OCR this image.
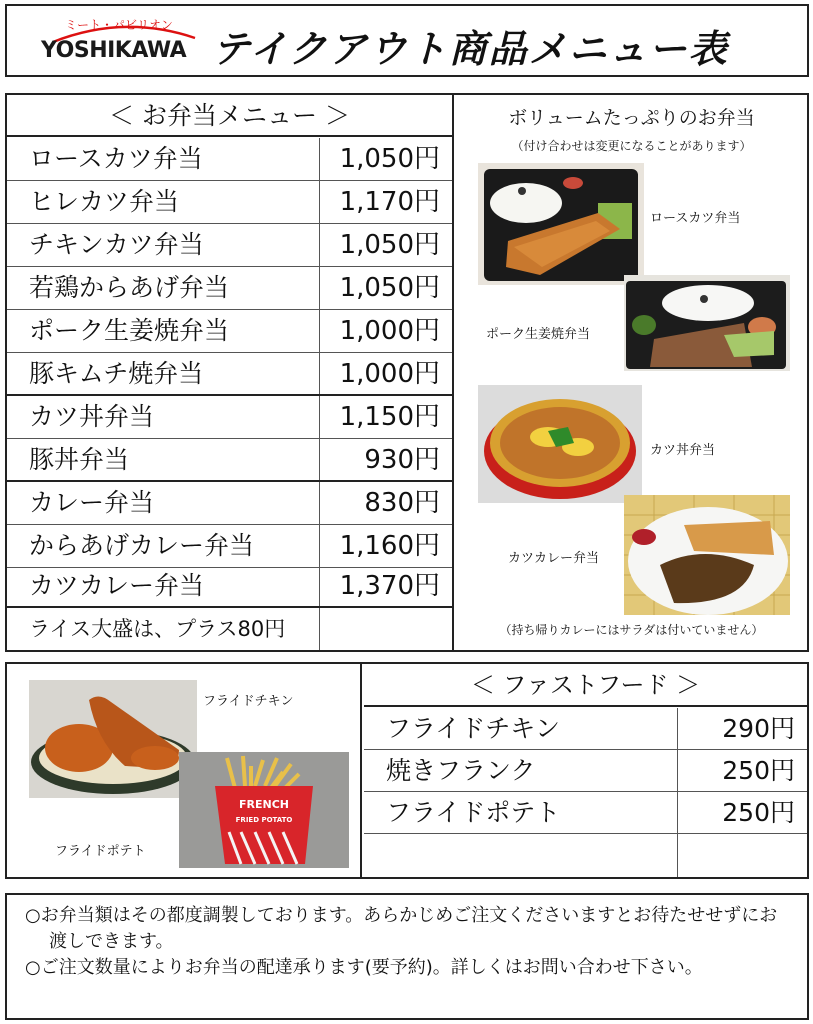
ミート・パビリオン
YOSHIKAWA テイクアウト商品メニュー表
＜ お弁当メニュー ＞
ロースカツ弁当	1,050円
ヒレカツ弁当	1,170円
チキンカツ弁当	1,050円
若鶏からあげ弁当	1,050円
ポーク生姜焼弁当	1,000円
豚キムチ焼弁当	1,000円
カツ丼弁当	1,150円
豚丼弁当	930円
カレー弁当	830円
からあげカレー弁当	1,160円
カツカレー弁当	1,370円
ライス大盛は、プラス80円
ボリュームたっぷりのお弁当
（付け合わせは変更になることがあります）
ロースカツ弁当
ポーク生姜焼弁当
カツ丼弁当
カツカレー弁当
（持ち帰りカレーにはサラダは付いていません）
フライドチキン
FRENCH
FRIED POTATO
フライドポテト
＜ ファストフード ＞
フライドチキン	290円
焼きフランク	250円
フライドポテト	250円

○お弁当類はその都度調製しております。あらかじめご注文くださいますとお待たせせずにお渡しできます。

○ご注文数量によりお弁当の配達承ります(要予約)。詳しくはお問い合わせ下さい。
